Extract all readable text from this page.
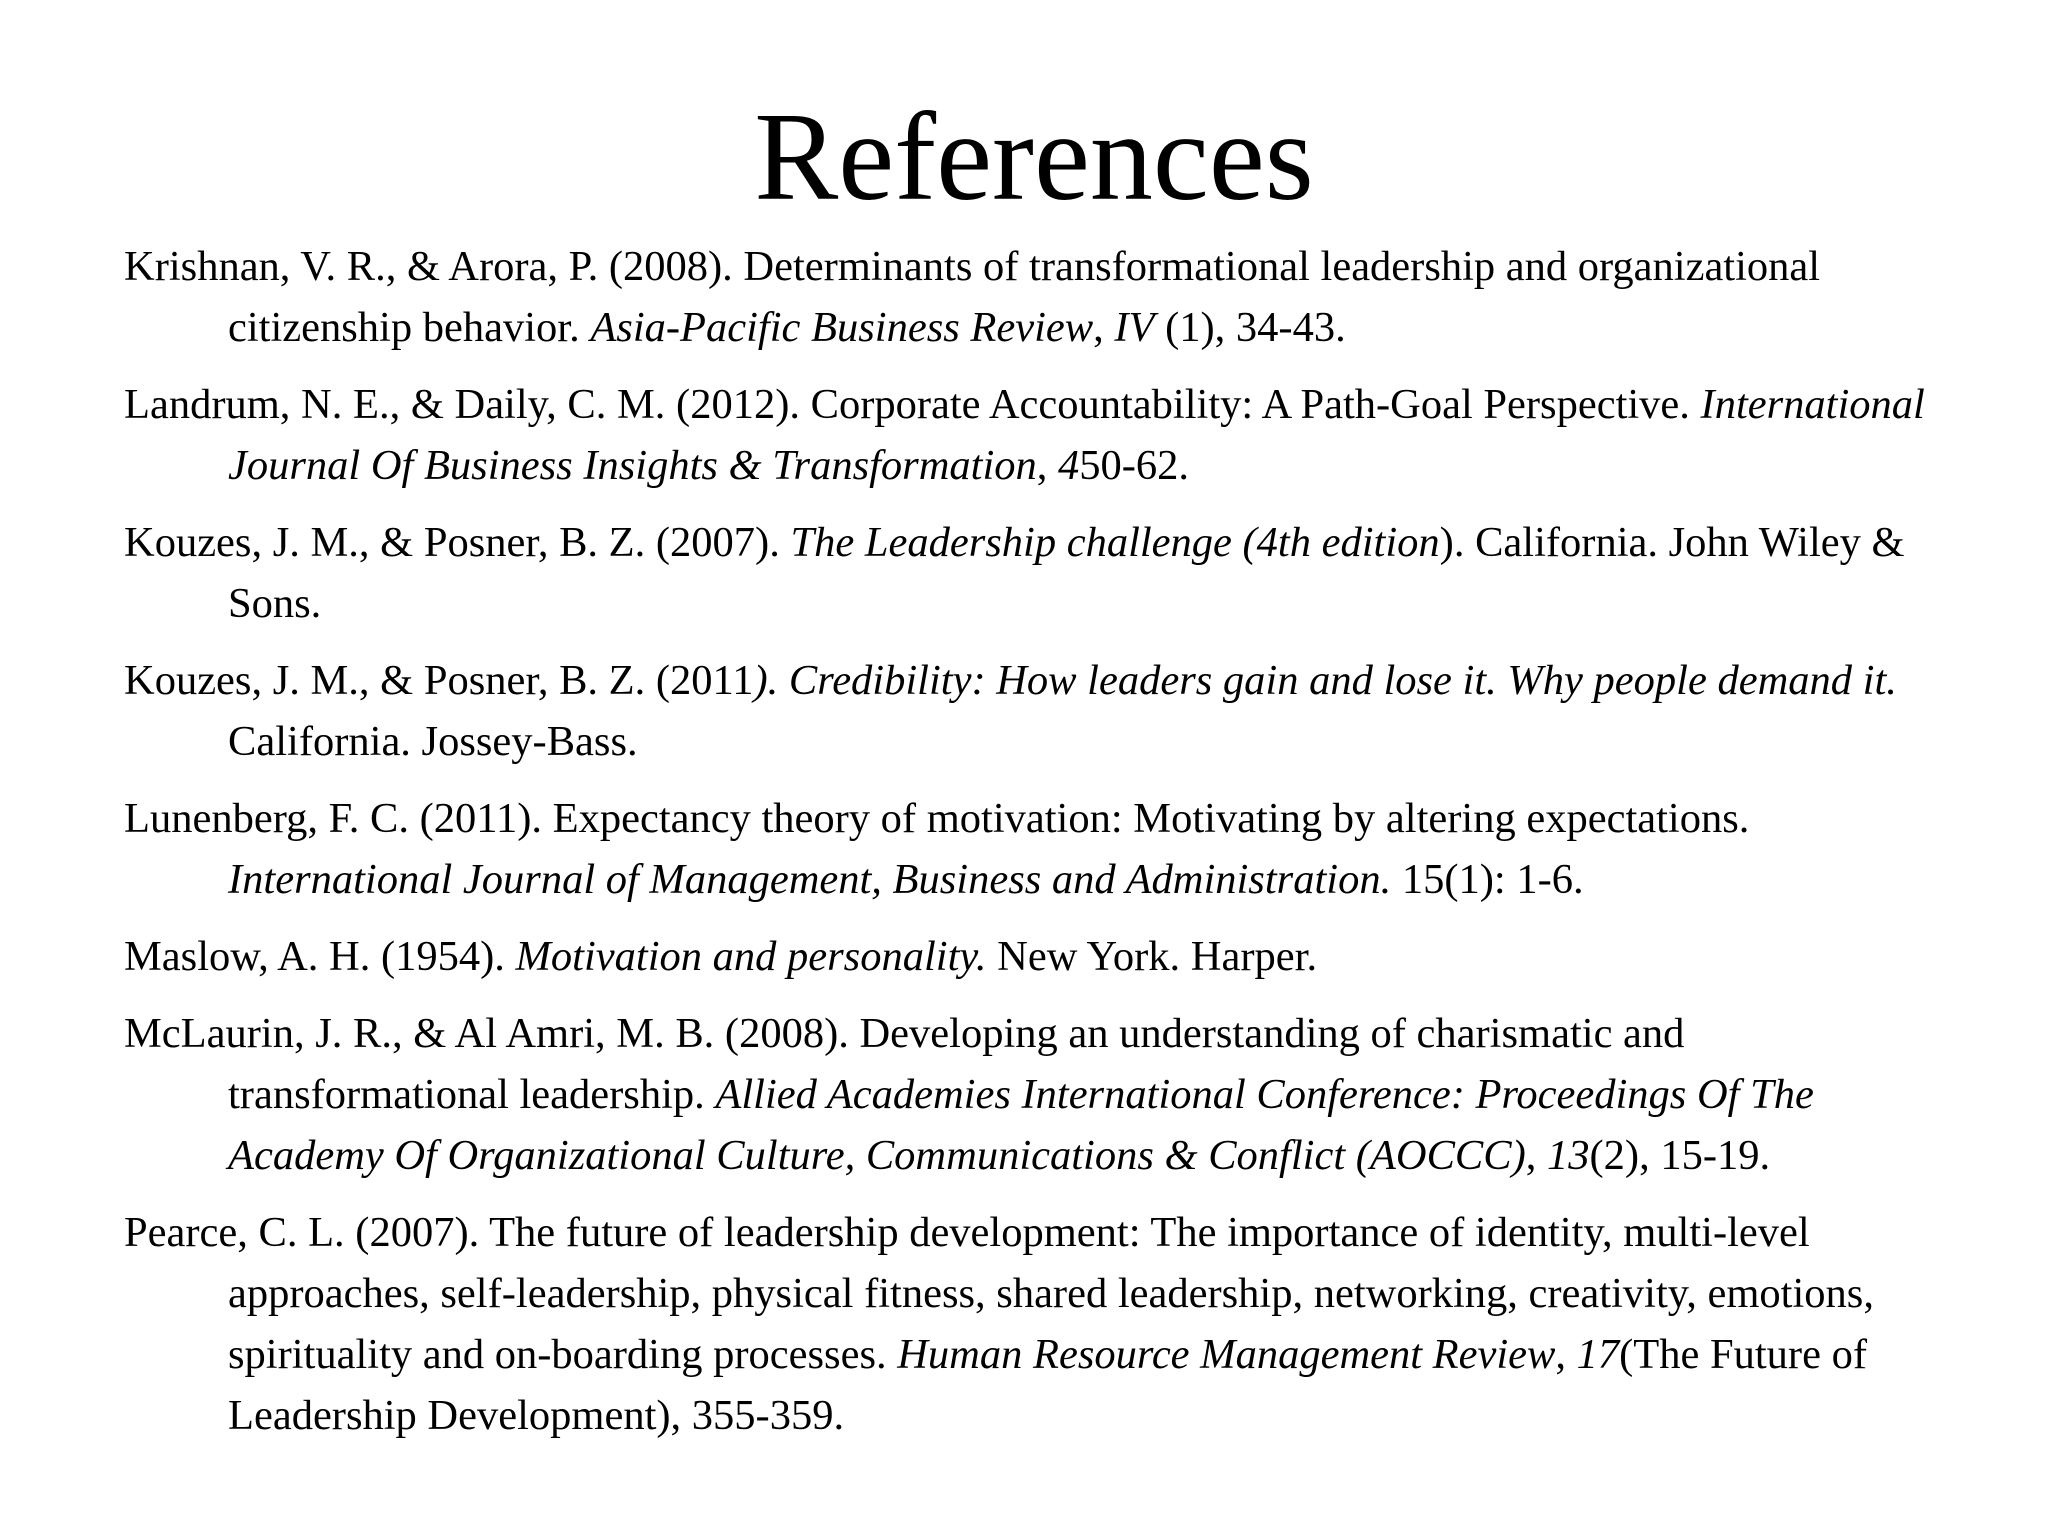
References
Krishnan, V. R., & Arora, P. (2008). Determinants of transformational leadership and organizational citizenship behavior. Asia-Pacific Business Review, IV (1), 34-43.
Landrum, N. E., & Daily, C. M. (2012). Corporate Accountability: A Path-Goal Perspective. International Journal Of Business Insights & Transformation, 450-62.
Kouzes, J. M., & Posner, B. Z. (2007). The Leadership challenge (4th edition). California. John Wiley & Sons.
Kouzes, J. M., & Posner, B. Z. (2011). Credibility: How leaders gain and lose it. Why people demand it. California. Jossey-Bass.
Lunenberg, F. C. (2011). Expectancy theory of motivation: Motivating by altering expectations. International Journal of Management, Business and Administration. 15(1): 1-6.
Maslow, A. H. (1954). Motivation and personality. New York. Harper.
McLaurin, J. R., & Al Amri, M. B. (2008). Developing an understanding of charismatic and transformational leadership. Allied Academies International Conference: Proceedings Of The Academy Of Organizational Culture, Communications & Conflict (AOCCC), 13(2), 15-19.
Pearce, C. L. (2007). The future of leadership development: The importance of identity, multi-level approaches, self-leadership, physical fitness, shared leadership, networking, creativity, emotions, spirituality and on-boarding processes. Human Resource Management Review, 17(The Future of Leadership Development), 355-359.
